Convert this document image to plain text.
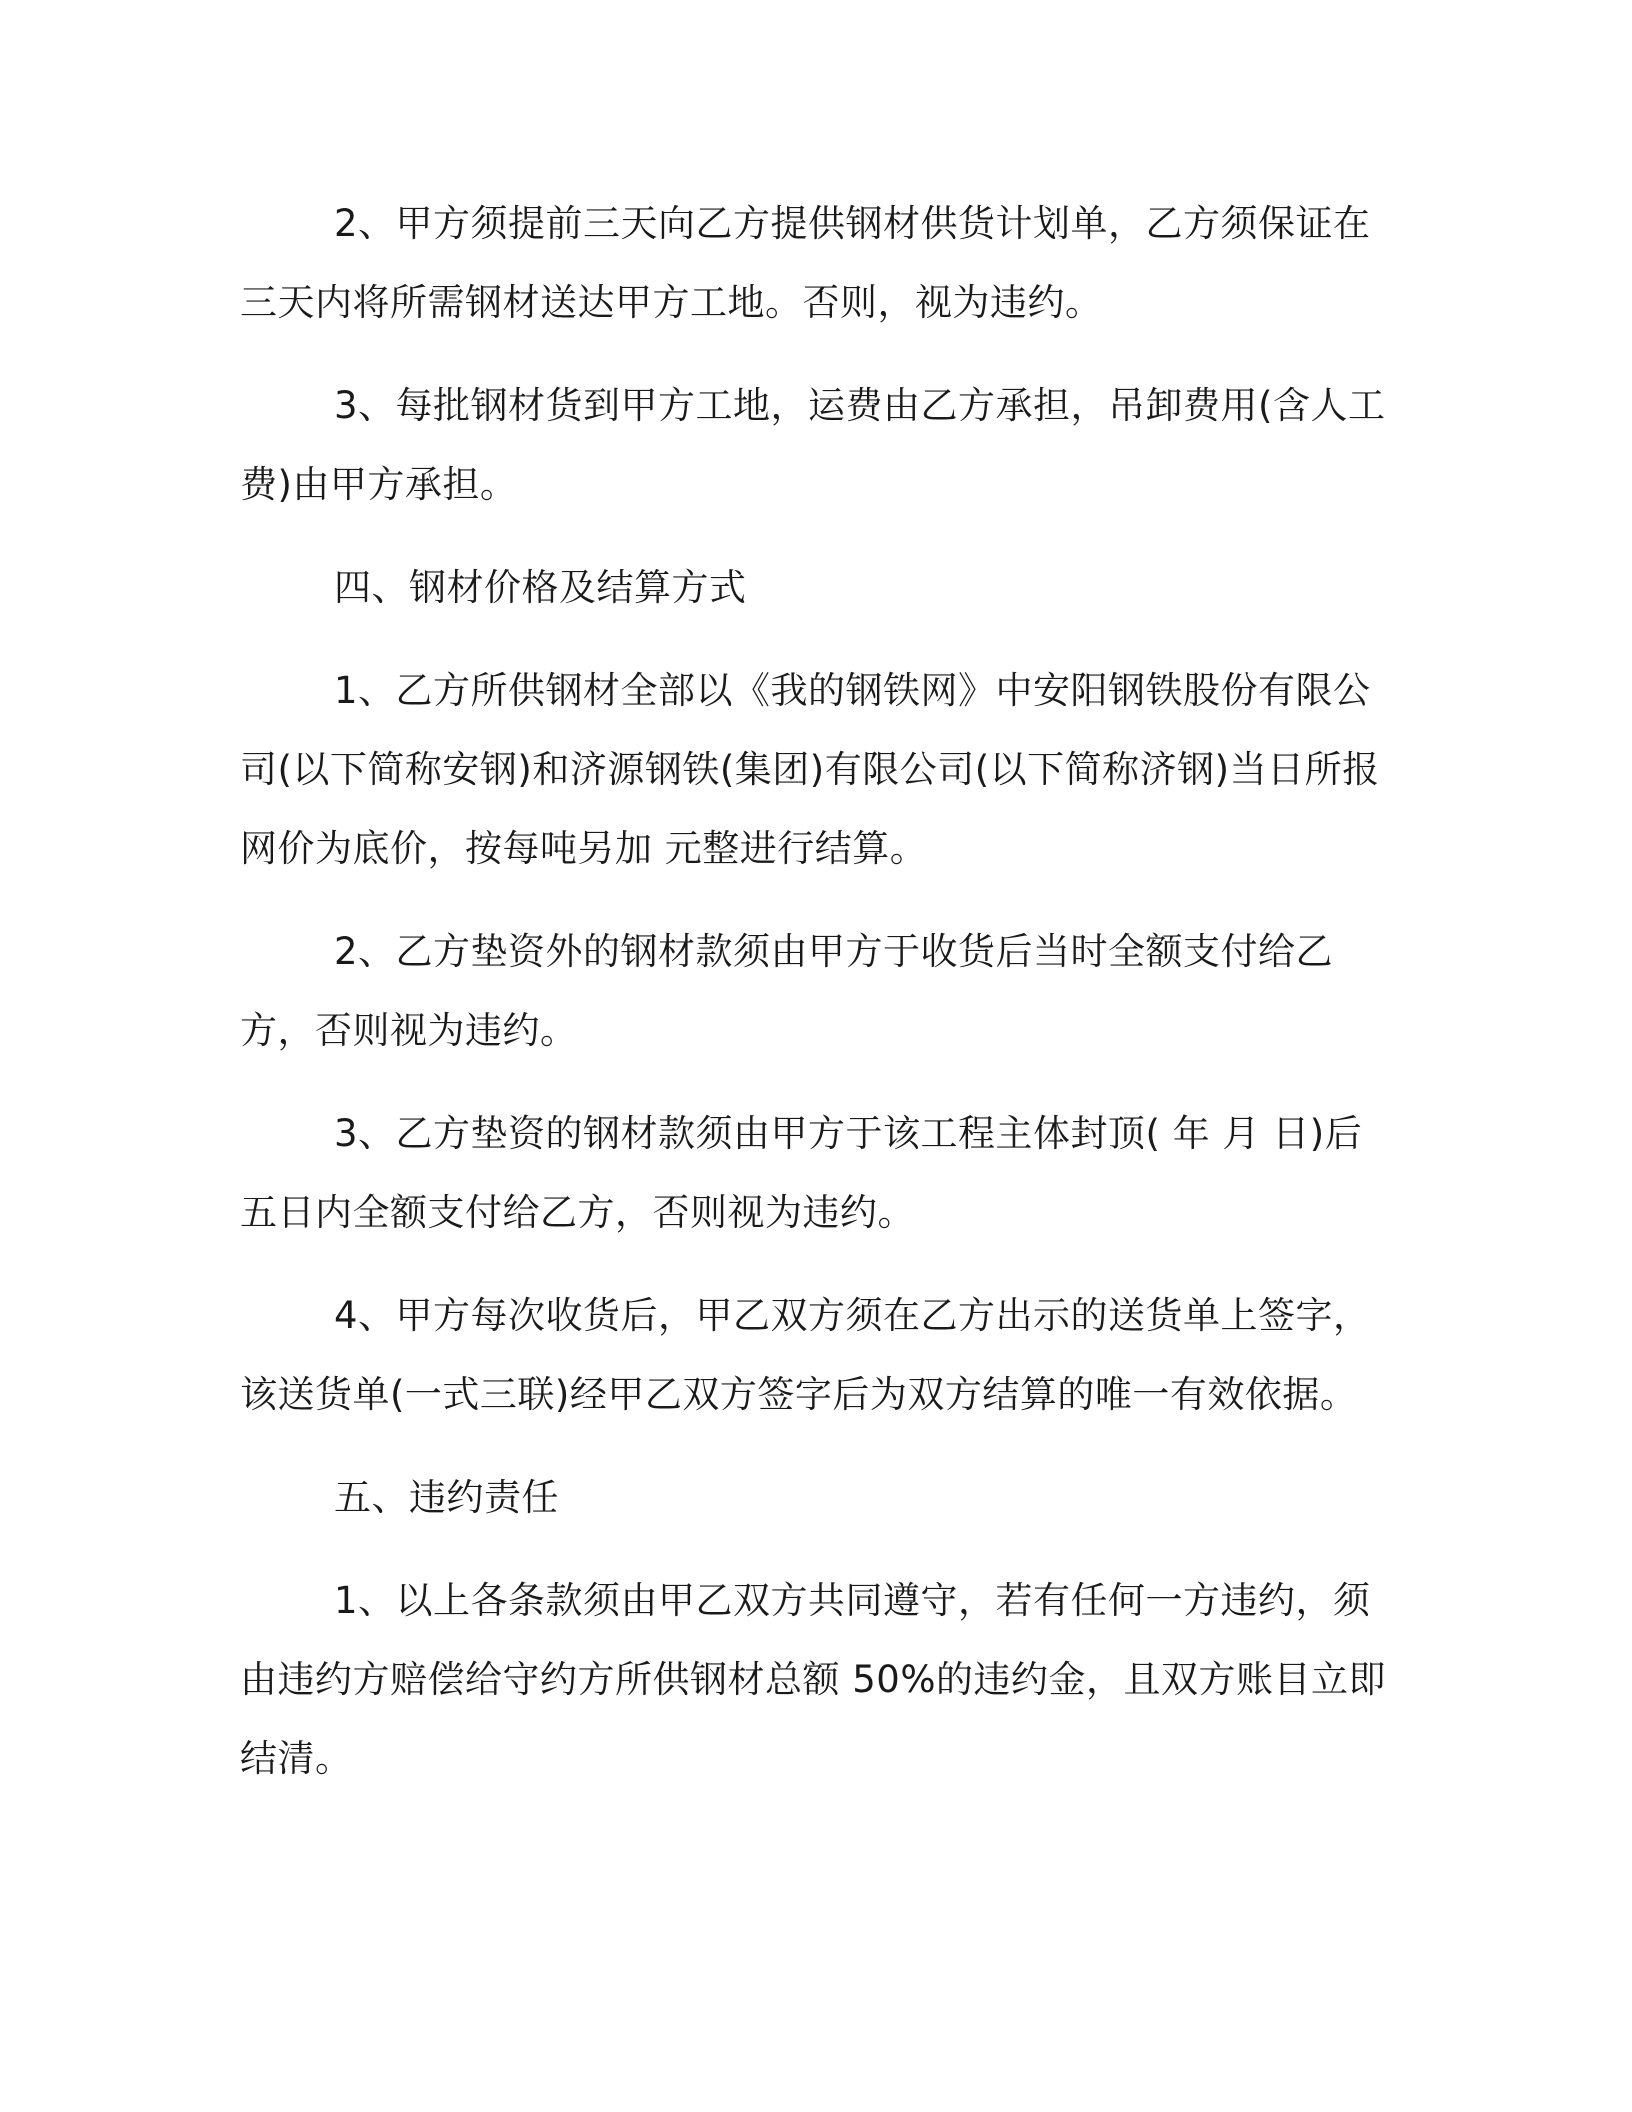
2、甲方须提前三天向乙方提供钢材供货计划单，乙方须保证在三天内将所需钢材送达甲方工地。否则，视为违约。

3、每批钢材货到甲方工地，运费由乙方承担，吊卸费用(含人工费)由甲方承担。

四、钢材价格及结算方式

1、乙方所供钢材全部以《我的钢铁网》中安阳钢铁股份有限公司(以下简称安钢)和济源钢铁(集团)有限公司(以下简称济钢)当日所报网价为底价，按每吨另加 元整进行结算。

2、乙方垫资外的钢材款须由甲方于收货后当时全额支付给乙方，否则视为违约。

3、乙方垫资的钢材款须由甲方于该工程主体封顶( 年 月 日)后五日内全额支付给乙方，否则视为违约。

4、甲方每次收货后，甲乙双方须在乙方出示的送货单上签字，该送货单(一式三联)经甲乙双方签字后为双方结算的唯一有效依据。

五、违约责任

1、以上各条款须由甲乙双方共同遵守，若有任何一方违约，须由违约方赔偿给守约方所供钢材总额 50%的违约金，且双方账目立即结清。
